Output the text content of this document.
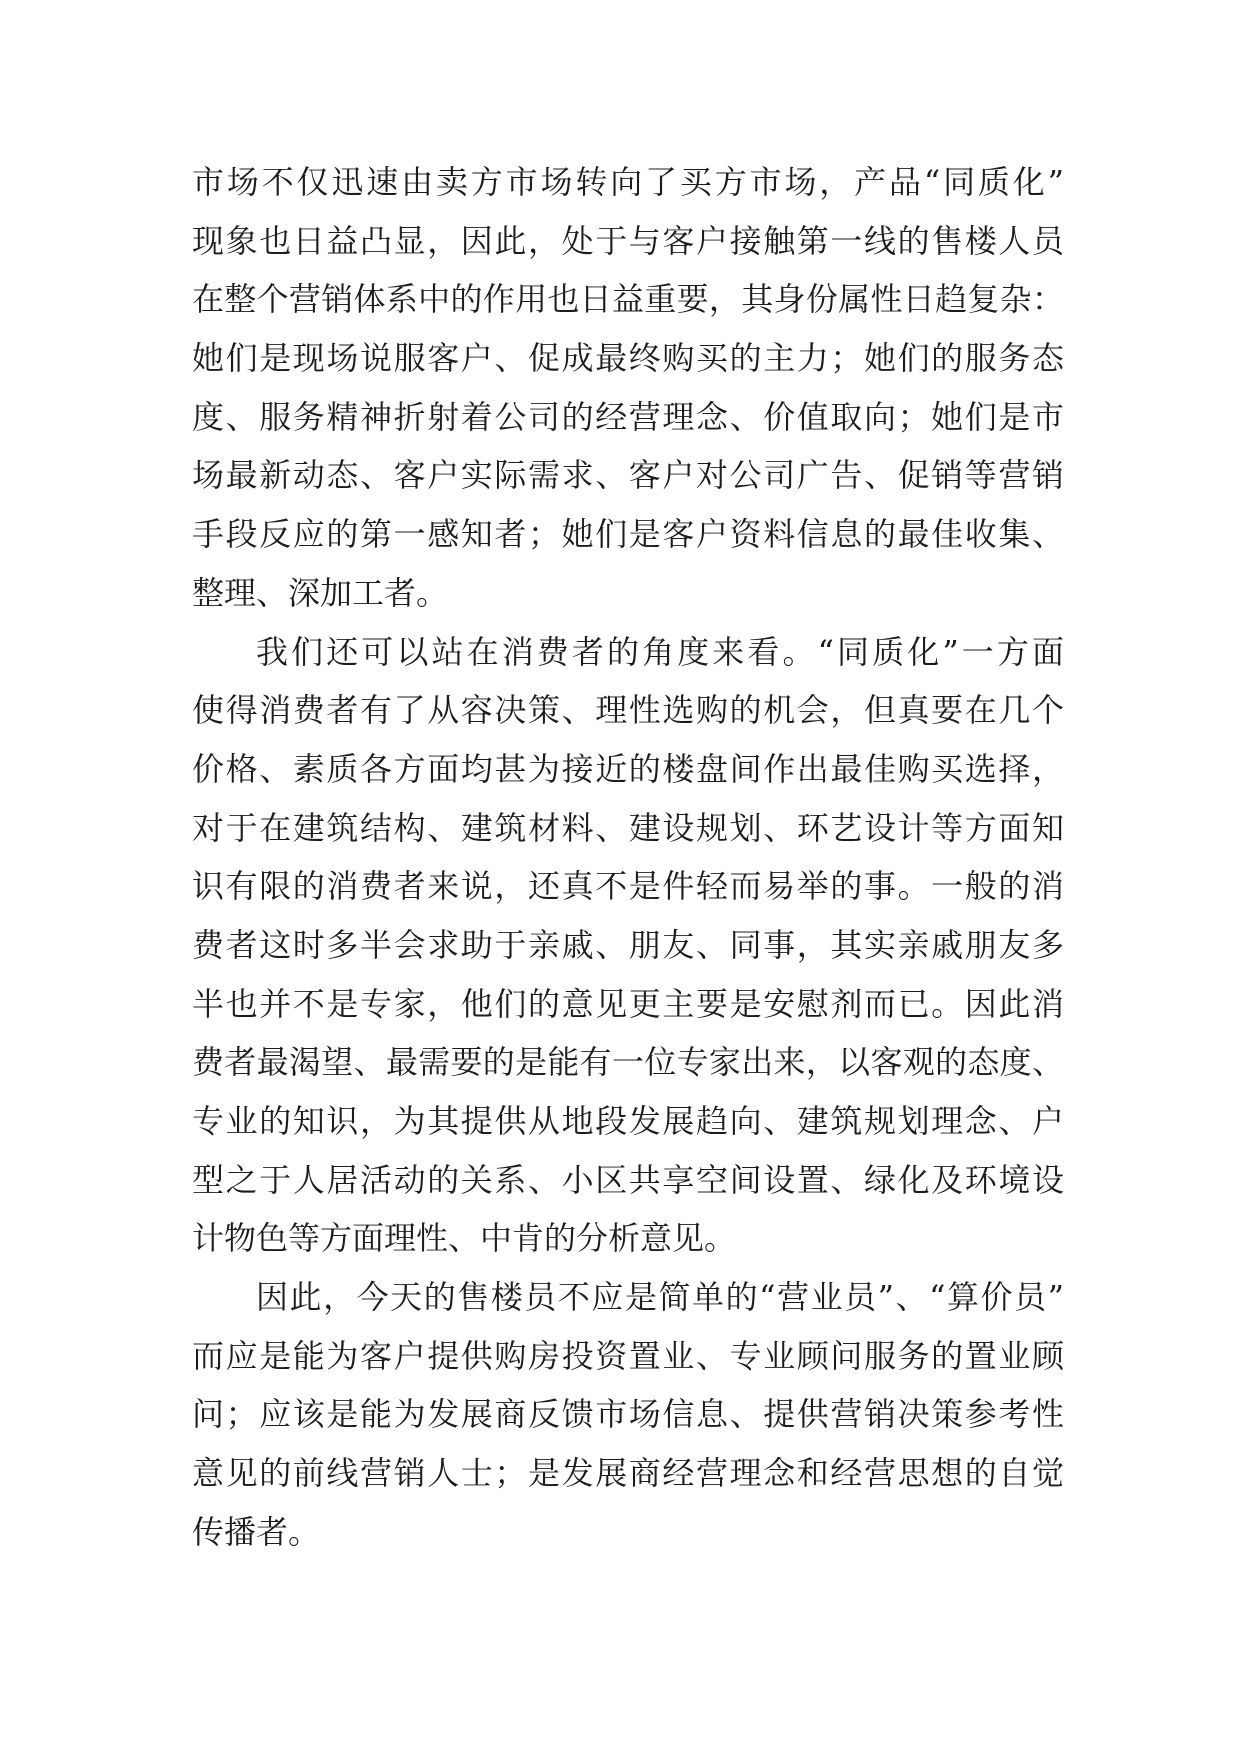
市场不仅迅速由卖方市场转向了买方市场，产品“同质化”
现象也日益凸显，因此，处于与客户接触第一线的售楼人员
在整个营销体系中的作用也日益重要，其身份属性日趋复杂：
她们是现场说服客户、促成最终购买的主力；她们的服务态
度、服务精神折射着公司的经营理念、价值取向；她们是市
场最新动态、客户实际需求、客户对公司广告、促销等营销
手段反应的第一感知者；她们是客户资料信息的最佳收集、
整理、深加工者。
我们还可以站在消费者的角度来看。“同质化”一方面
使得消费者有了从容决策、理性选购的机会，但真要在几个
价格、素质各方面均甚为接近的楼盘间作出最佳购买选择，
对于在建筑结构、建筑材料、建设规划、环艺设计等方面知
识有限的消费者来说，还真不是件轻而易举的事。一般的消
费者这时多半会求助于亲戚、朋友、同事，其实亲戚朋友多
半也并不是专家，他们的意见更主要是安慰剂而已。因此消
费者最渴望、最需要的是能有一位专家出来，以客观的态度、
专业的知识，为其提供从地段发展趋向、建筑规划理念、户
型之于人居活动的关系、小区共享空间设置、绿化及环境设
计物色等方面理性、中肯的分析意见。
因此，今天的售楼员不应是简单的“营业员”、“算价员”
而应是能为客户提供购房投资置业、专业顾问服务的置业顾
问；应该是能为发展商反馈市场信息、提供营销决策参考性
意见的前线营销人士；是发展商经营理念和经营思想的自觉
传播者。
